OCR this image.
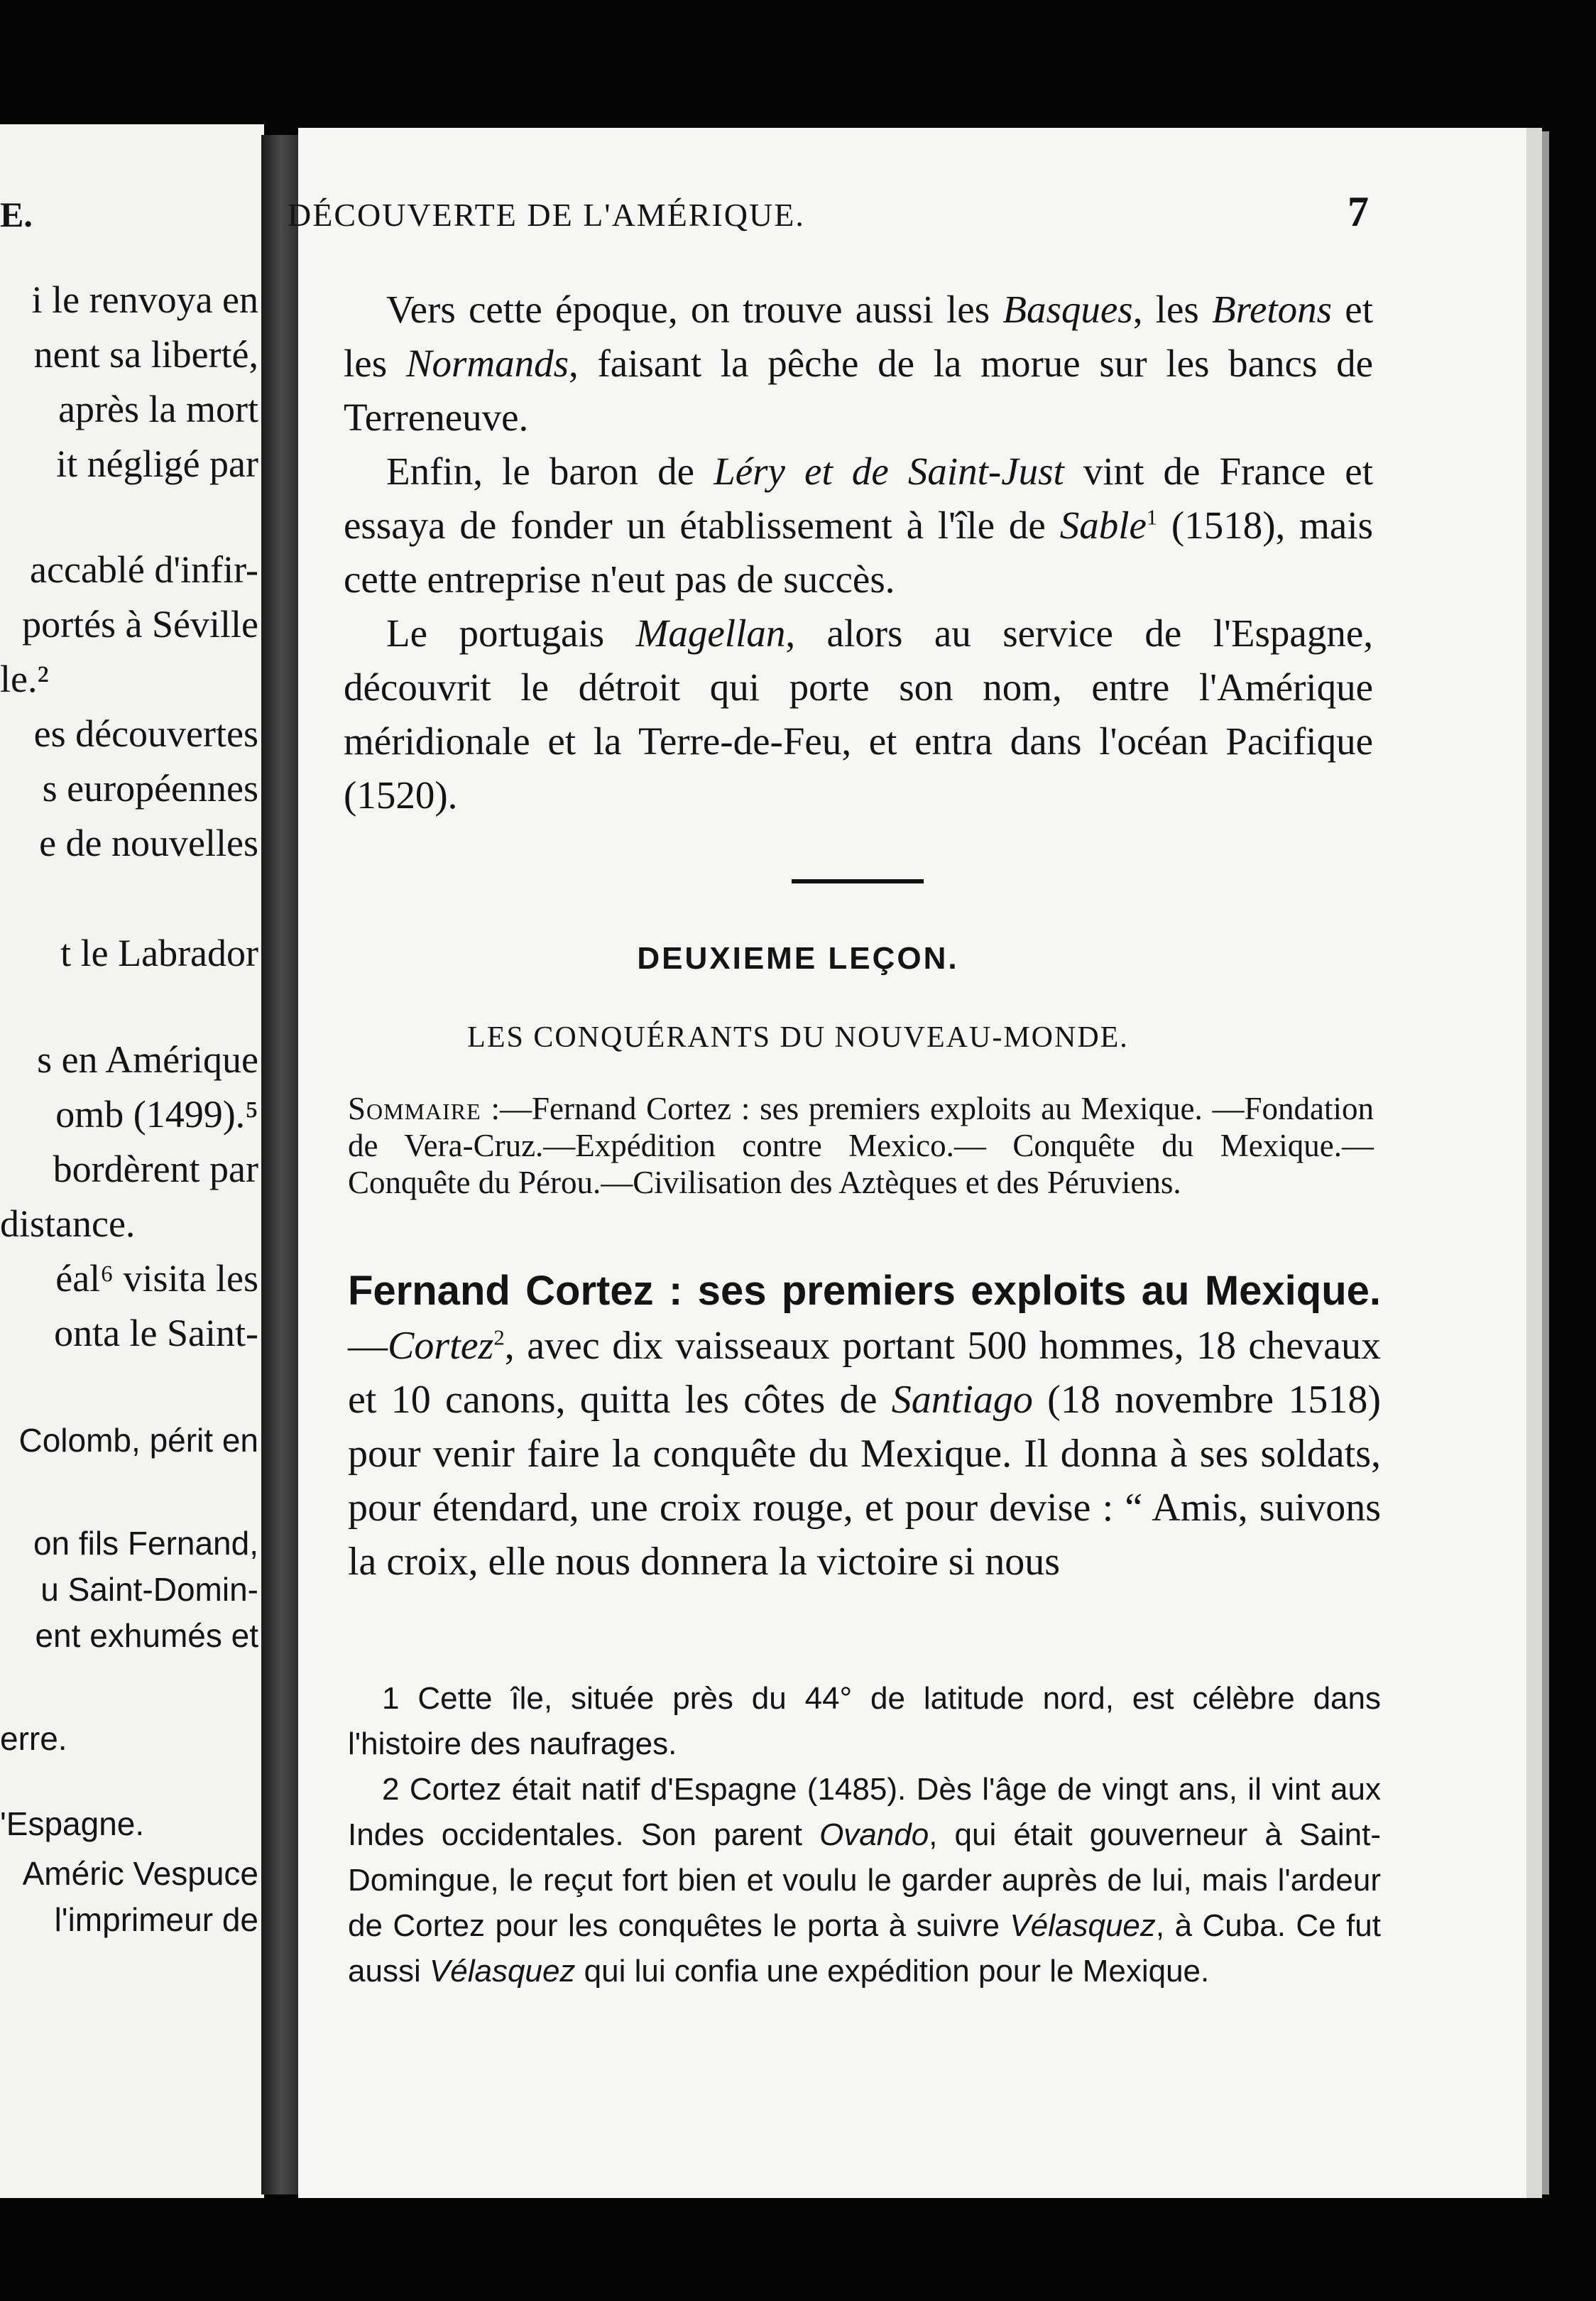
E.
i le renvoya en
nent sa liberté,
après la mort
it négligé par
accablé d'infir-
portés à Séville
le.²
es découvertes
s européennes
e de nouvelles
t le Labrador
s en Amérique
omb (1499).⁵
bordèrent par
distance.
éal⁶ visita les
onta le Saint-
Colomb, périt en
on fils Fernand,
u Saint-Domin-
ent exhumés et
erre.
'Espagne.
Améric Vespuce
l'imprimeur de
DÉCOUVERTE DE L'AMÉRIQUE.	7

Vers cette époque, on trouve aussi les Basques, les Bretons et les Normands, faisant la pêche de la morue sur les bancs de Terreneuve.

Enfin, le baron de Léry et de Saint-Just vint de France et essaya de fonder un établissement à l'île de Sable$^1$ (1518), mais cette entreprise n'eut pas de succès.

Le portugais Magellan, alors au service de l'Espagne, découvrit le détroit qui porte son nom, entre l'Amérique méridionale et la Terre-de-Feu, et entra dans l'océan Pacifique (1520).

DEUXIEME LEÇON.
LES CONQUÉRANTS DU NOUVEAU-MONDE.
Sommaire :—Fernand Cortez : ses premiers exploits au Mexique. —Fondation de Vera-Cruz.—Expédition contre Mexico.— Conquête du Mexique.—Conquête du Pérou.—Civilisation des Aztèques et des Péruviens.
Fernand Cortez : ses premiers exploits au Mexique.—Cortez$^2$, avec dix vaisseaux portant 500 hommes, 18 chevaux et 10 canons, quitta les côtes de Santiago (18 novembre 1518) pour venir faire la conquête du Mexique. Il donna à ses soldats, pour étendard, une croix rouge, et pour devise : “ Amis, suivons la croix, elle nous donnera la victoire si nous

1 Cette île, située près du 44° de latitude nord, est célèbre dans l'histoire des naufrages.

2 Cortez était natif d'Espagne (1485). Dès l'âge de vingt ans, il vint aux Indes occidentales. Son parent Ovando, qui était gouverneur à Saint-Domingue, le reçut fort bien et voulu le garder auprès de lui, mais l'ardeur de Cortez pour les conquêtes le porta à suivre Vélasquez, à Cuba. Ce fut aussi Vélasquez qui lui confia une expédition pour le Mexique.
